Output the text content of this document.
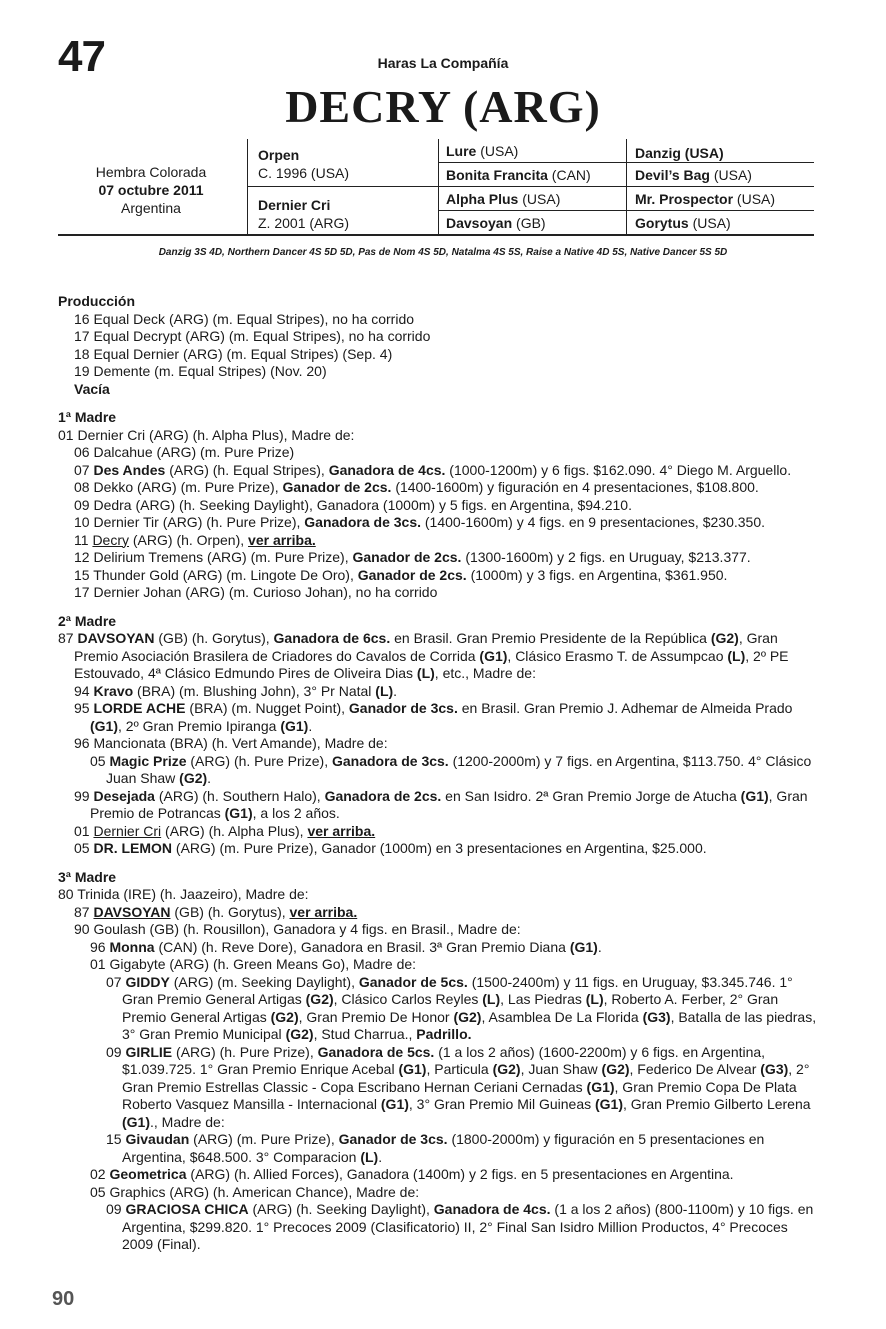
47	Haras La Compañía
DECRY (ARG)
Hembra Colorada
07 octubre 2011
Argentina
Orpen
C. 1996 (USA)
Dernier Cri
Z. 2001 (ARG)
Lure (USA)
Bonita Francita (CAN)
Alpha Plus (USA)
Davsoyan (GB)
Danzig (USA)
Devil’s Bag (USA)
Mr. Prospector (USA)
Gorytus (USA)
Danzig 3S 4D, Northern Dancer 4S 5D 5D, Pas de Nom 4S 5D, Natalma 4S 5S, Raise a Native 4D 5S, Native Dancer 5S 5D
Producción
16 Equal Deck (ARG) (m. Equal Stripes), no ha corrido
17 Equal Decrypt (ARG) (m. Equal Stripes), no ha corrido
18 Equal Dernier (ARG) (m. Equal Stripes) (Sep. 4)
19 Demente (m. Equal Stripes) (Nov. 20)
Vacía
1ª Madre
01 Dernier Cri (ARG) (h. Alpha Plus), Madre de:
06 Dalcahue (ARG) (m. Pure Prize)
07 Des Andes (ARG) (h. Equal Stripes), Ganadora de 4cs. (1000-1200m) y 6 figs. $162.090. 4° Diego M. Arguello.
08 Dekko (ARG) (m. Pure Prize), Ganador de 2cs. (1400-1600m) y figuración en 4 presentaciones, $108.800.
09 Dedra (ARG) (h. Seeking Daylight), Ganadora (1000m) y 5 figs. en Argentina, $94.210.
10 Dernier Tir (ARG) (h. Pure Prize), Ganadora de 3cs. (1400-1600m) y 4 figs. en 9 presentaciones, $230.350.
11 Decry (ARG) (h. Orpen), ver arriba.
12 Delirium Tremens (ARG) (m. Pure Prize), Ganador de 2cs. (1300-1600m) y 2 figs. en Uruguay, $213.377.
15 Thunder Gold (ARG) (m. Lingote De Oro), Ganador de 2cs. (1000m) y 3 figs. en Argentina, $361.950.
17 Dernier Johan (ARG) (m. Curioso Johan), no ha corrido
2ª Madre
87 DAVSOYAN (GB) (h. Gorytus), Ganadora de 6cs. en Brasil. Gran Premio Presidente de la República (G2), Gran Premio Asociación Brasilera de Criadores do Cavalos de Corrida (G1), Clásico Erasmo T. de Assumpcao (L), 2º PE Estouvado, 4ª Clásico Edmundo Pires de Oliveira Dias (L), etc., Madre de:
94 Kravo (BRA) (m. Blushing John), 3° Pr Natal (L).
95 LORDE ACHE (BRA) (m. Nugget Point), Ganador de 3cs. en Brasil. Gran Premio J. Adhemar de Almeida Prado (G1), 2º Gran Premio Ipiranga (G1).
96 Mancionata (BRA) (h. Vert Amande), Madre de:
05 Magic Prize (ARG) (h. Pure Prize), Ganadora de 3cs. (1200-2000m) y 7 figs. en Argentina, $113.750. 4° Clásico Juan Shaw (G2).
99 Desejada (ARG) (h. Southern Halo), Ganadora de 2cs. en San Isidro. 2ª Gran Premio Jorge de Atucha (G1), Gran Premio de Potrancas (G1), a los 2 años.
01 Dernier Cri (ARG) (h. Alpha Plus), ver arriba.
05 DR. LEMON (ARG) (m. Pure Prize), Ganador (1000m) en 3 presentaciones en Argentina, $25.000.
3ª Madre
80 Trinida (IRE) (h. Jaazeiro), Madre de:
87 DAVSOYAN (GB) (h. Gorytus), ver arriba.
90 Goulash (GB) (h. Rousillon), Ganadora y 4 figs. en Brasil., Madre de:
96 Monna (CAN) (h. Reve Dore), Ganadora en Brasil. 3ª Gran Premio Diana (G1).
01 Gigabyte (ARG) (h. Green Means Go), Madre de:
07 GIDDY (ARG) (m. Seeking Daylight), Ganador de 5cs. (1500-2400m) y 11 figs. en Uruguay, $3.345.746. 1° Gran Premio General Artigas (G2), Clásico Carlos Reyles (L), Las Piedras (L), Roberto A. Ferber, 2° Gran Premio General Artigas (G2), Gran Premio De Honor (G2), Asamblea De La Florida (G3), Batalla de las piedras, 3° Gran Premio Municipal (G2), Stud Charrua., Padrillo.
09 GIRLIE (ARG) (h. Pure Prize), Ganadora de 5cs. (1 a los 2 años) (1600-2200m) y 6 figs. en Argentina, $1.039.725. 1° Gran Premio Enrique Acebal (G1), Particula (G2), Juan Shaw (G2), Federico De Alvear (G3), 2° Gran Premio Estrellas Classic - Copa Escribano Hernan Ceriani Cernadas (G1), Gran Premio Copa De Plata Roberto Vasquez Mansilla - Internacional (G1), 3° Gran Premio Mil Guineas (G1), Gran Premio Gilberto Lerena (G1)., Madre de:
15 Givaudan (ARG) (m. Pure Prize), Ganador de 3cs. (1800-2000m) y figuración en 5 presentaciones en Argentina, $648.500. 3° Comparacion (L).
02 Geometrica (ARG) (h. Allied Forces), Ganadora (1400m) y 2 figs. en 5 presentaciones en Argentina.
05 Graphics (ARG) (h. American Chance), Madre de:
09 GRACIOSA CHICA (ARG) (h. Seeking Daylight), Ganadora de 4cs. (1 a los 2 años) (800-1100m) y 10 figs. en Argentina, $299.820. 1° Precoces 2009 (Clasificatorio) II, 2° Final San Isidro Million Productos, 4° Precoces 2009 (Final).
90
